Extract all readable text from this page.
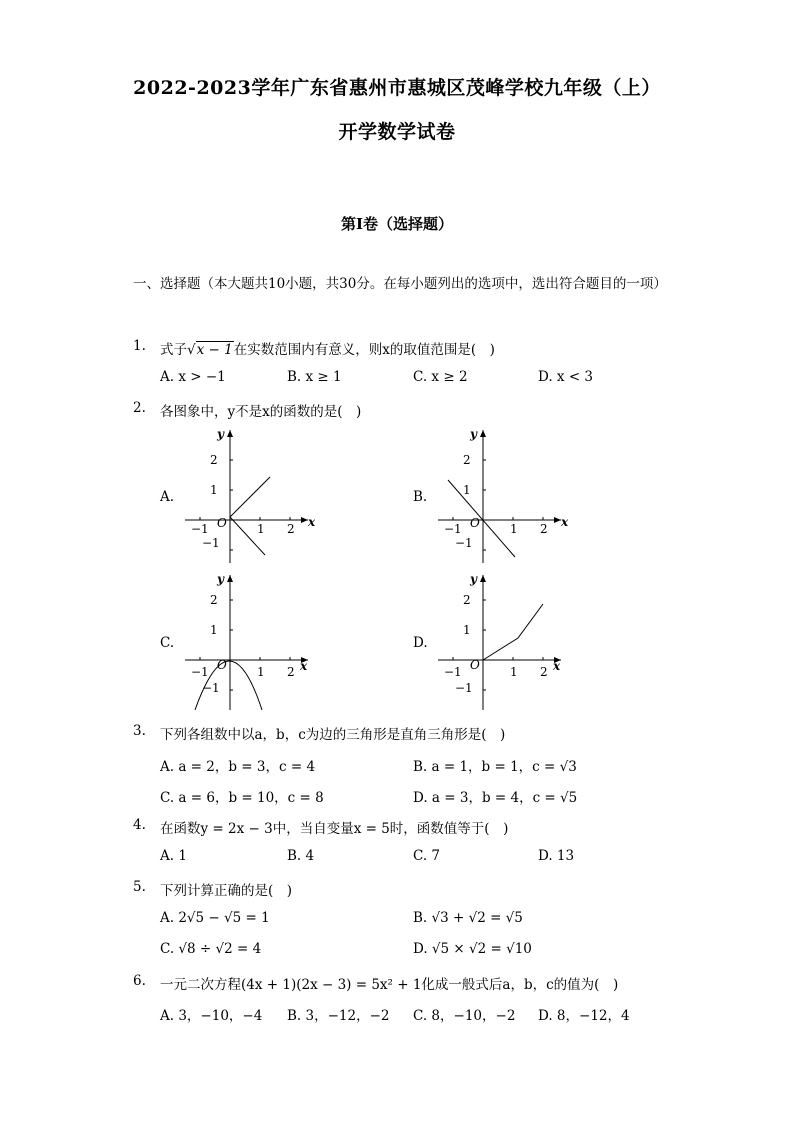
2022-2023学年广东省惠州市惠城区茂峰学校九年级（上）
开学数学试卷
第I卷（选择题）
一、选择题（本大题共10小题，共30分。在每小题列出的选项中，选出符合题目的一项）
1. 式子√x − 1在实数范围内有意义，则x的取值范围是(　)
A. x > −1	B. x ≥ 1	C. x ≥ 2	D. x < 3
2. 各图象中，y不是x的函数的是(　)
A.	B.
C.	D.
x
y
O
−1	1 2
2
1
−1
x
y
O
−1	1 2
2
1
−1
x
y
O
−1	1 2
2
1
−1
x
y
O
−1	1 2
2
1
−1
3. 下列各组数中以a，b，c为边的三角形是直角三角形是(　)
A. a = 2，b = 3，c = 4	B. a = 1，b = 1，c = √3
C. a = 6，b = 10，c = 8	D. a = 3，b = 4，c = √5
4. 在函数y = 2x − 3中，当自变量x = 5时，函数值等于(　)
A. 1	B. 4	C. 7	D. 13
5. 下列计算正确的是(　)
A. 2√5 − √5 = 1	B. √3 + √2 = √5
C. √8 ÷ √2 = 4	D. √5 × √2 = √10
6. 一元二次方程(4x + 1)(2x − 3) = 5x² + 1化成一般式后a，b，c的值为(　)
A. 3，−10，−4 B. 3，−12，−2 C. 8，−10，−2 D. 8，−12，4
